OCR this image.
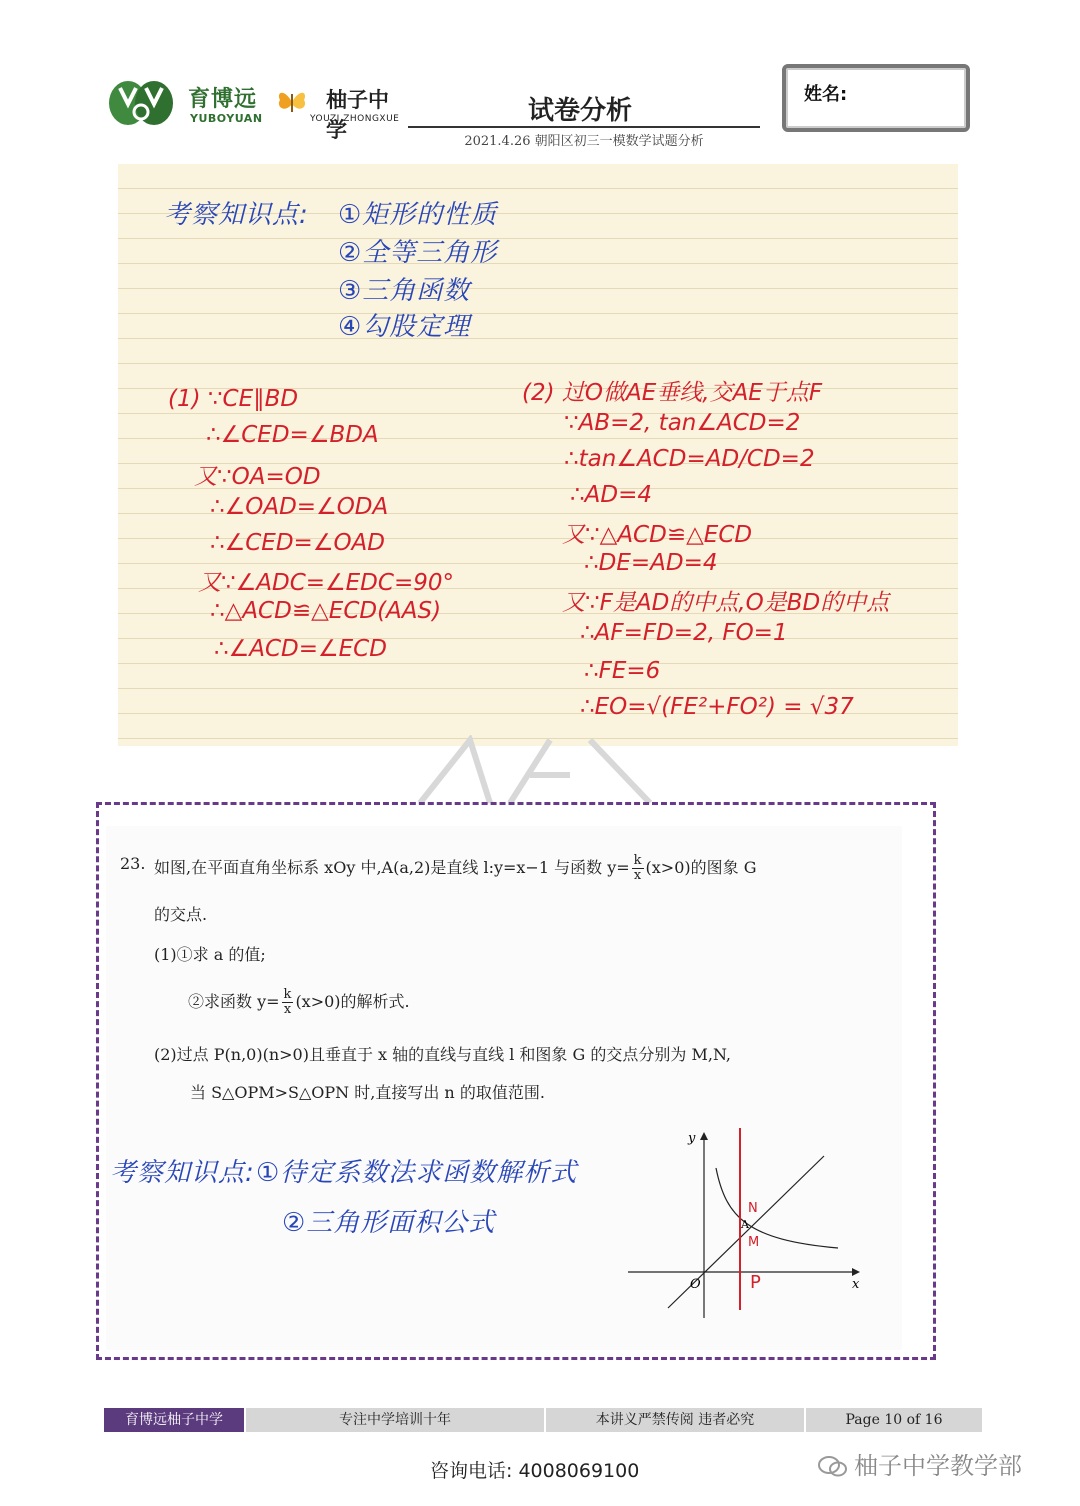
育博远
YUBOYUAN
柚子中学
YOUZI ZHONGXUE	试卷分析
2021.4.26 朝阳区初三一模数学试题分析
姓名:
考察知识点: ①矩形的性质
②全等三角形
③三角函数
④勾股定理
(1) ∵CE∥BD
∴∠CED=∠BDA
又∵OA=OD
∴∠OAD=∠ODA
∴∠CED=∠OAD
又∵∠ADC=∠EDC=90°
∴△ACD≌△ECD(AAS)
∴∠ACD=∠ECD
(2) 过O做AE垂线,交AE于点F
∵AB=2, tan∠ACD=2
∴tan∠ACD=AD/CD=2
∴AD=4
又∵△ACD≌△ECD
∴DE=AD=4
又∵F是AD的中点,O是BD的中点
∴AF=FD=2, FO=1
∴FE=6
∴EO=√(FE²+FO²) = √37
23. 如图,在平面直角坐标系 xOy 中,A(a,2)是直线 l:y=x−1 与函数 $y= \frac{k}{x} (x>0)$的图象 G
的交点.
(1)①求 a 的值;
②求函数 $y= \frac{k}{x} (x>0)$的解析式.
(2)过点 P(n,0)(n>0)且垂直于 x 轴的直线与直线 l 和图象 G 的交点分别为 M,N,
当 S△OPM>S△OPN 时,直接写出 n 的取值范围.
考察知识点: ①待定系数法求函数解析式
②三角形面积公式
y
x
O
N
A
M
P
育博远柚子中学	专注中学培训十年	本讲义严禁传阅 违者必究	Page 10 of 16
咨询电话: 4008069100	柚子中学教学部
